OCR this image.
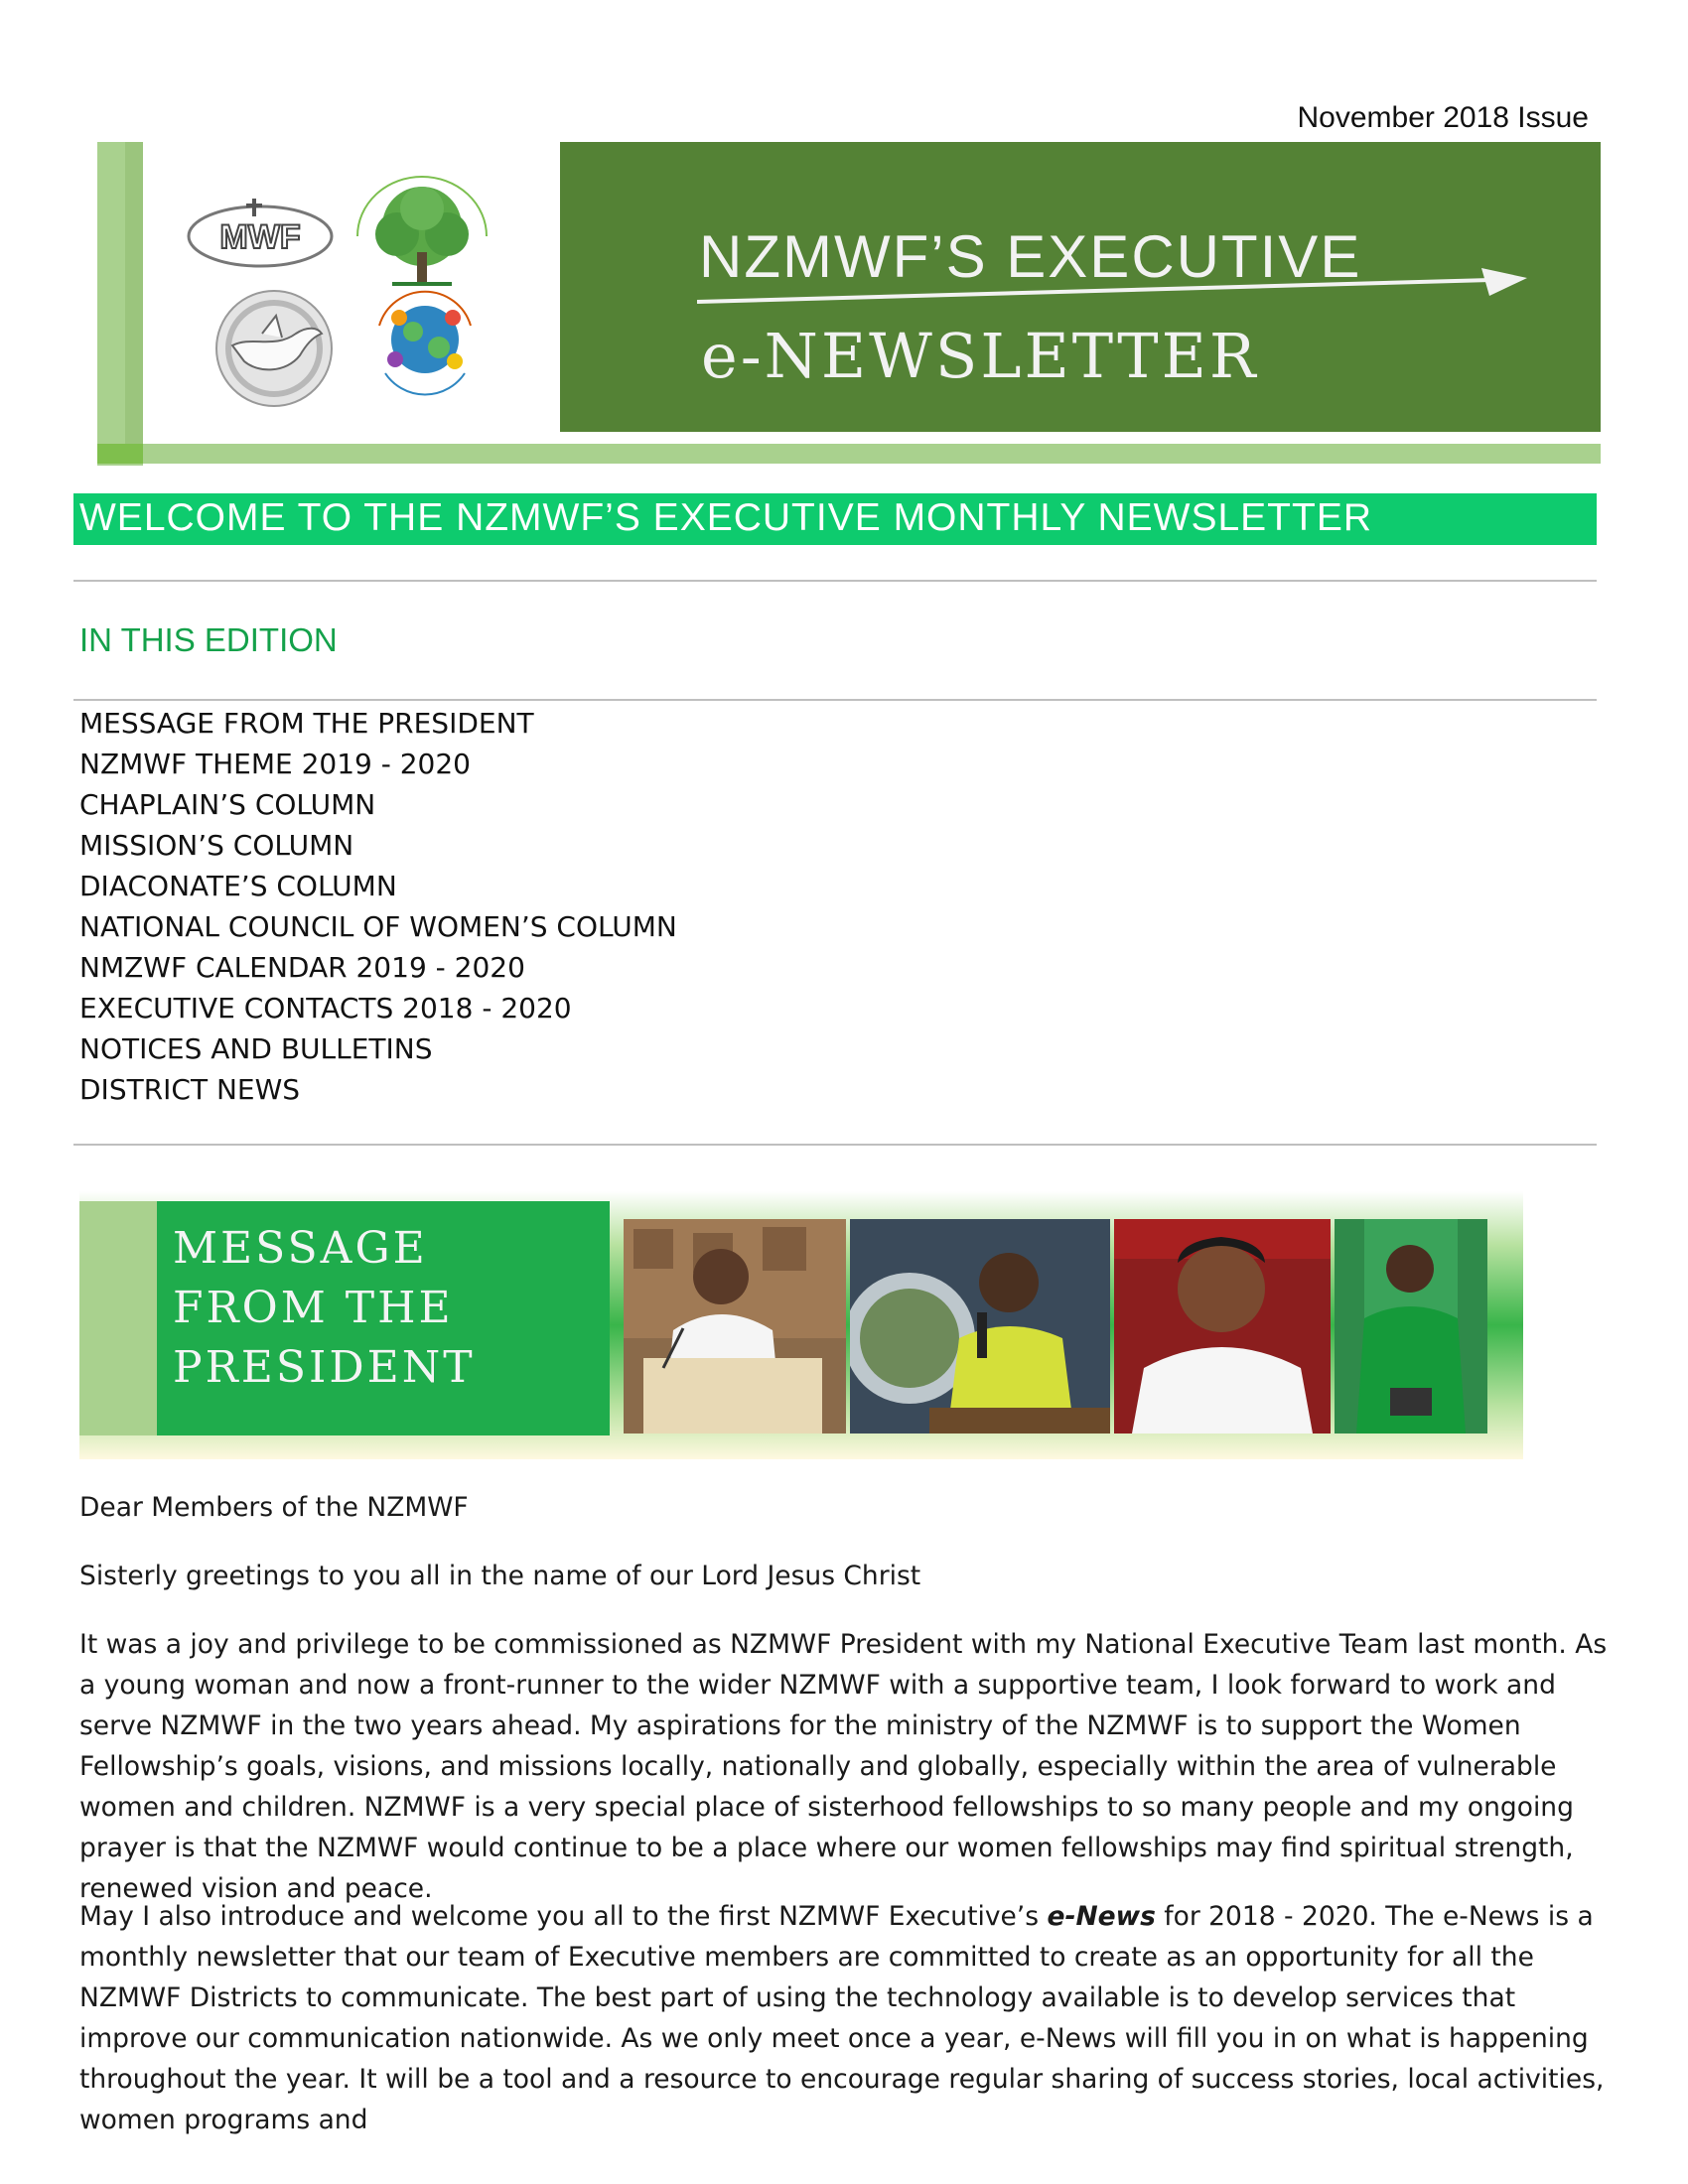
November 2018 Issue
MWF	NZMWF’S EXECUTIVE
e-NEWSLETTER
WELCOME TO THE NZMWF’S EXECUTIVE MONTHLY NEWSLETTER
IN THIS EDITION
MESSAGE FROM THE PRESIDENT
NZMWF THEME 2019 - 2020
CHAPLAIN’S COLUMN
MISSION’S COLUMN
DIACONATE’S COLUMN
NATIONAL COUNCIL OF WOMEN’S COLUMN
NMZWF CALENDAR 2019 - 2020
EXECUTIVE CONTACTS 2018 - 2020
NOTICES AND BULLETINS
DISTRICT NEWS
MESSAGE
FROM THE
PRESIDENT
Dear Members of the NZMWF
Sisterly greetings to you all in the name of our Lord Jesus Christ

It was a joy and privilege to be commissioned as NZMWF President with my National Executive Team last month. As a young woman and now a front-runner to the wider NZMWF with a supportive team, I look forward to work and serve NZMWF in the two years ahead. My aspirations for the ministry of the NZMWF is to support the Women Fellowship’s goals, visions, and missions locally, nationally and globally, especially within the area of vulnerable women and children. NZMWF is a very special place of sisterhood fellowships to so many people and my ongoing prayer is that the NZMWF would continue to be a place where our women fellowships may find spiritual strength, renewed vision and peace.

May I also introduce and welcome you all to the first NZMWF Executive’s e-News for 2018 - 2020. The e-News is a monthly newsletter that our team of Executive members are committed to create as an opportunity for all the NZMWF Districts to communicate. The best part of using the technology available is to develop services that improve our communication nationwide. As we only meet once a year, e-News will fill you in on what is happening throughout the year. It will be a tool and a resource to encourage regular sharing of success stories, local activities, women programs and
